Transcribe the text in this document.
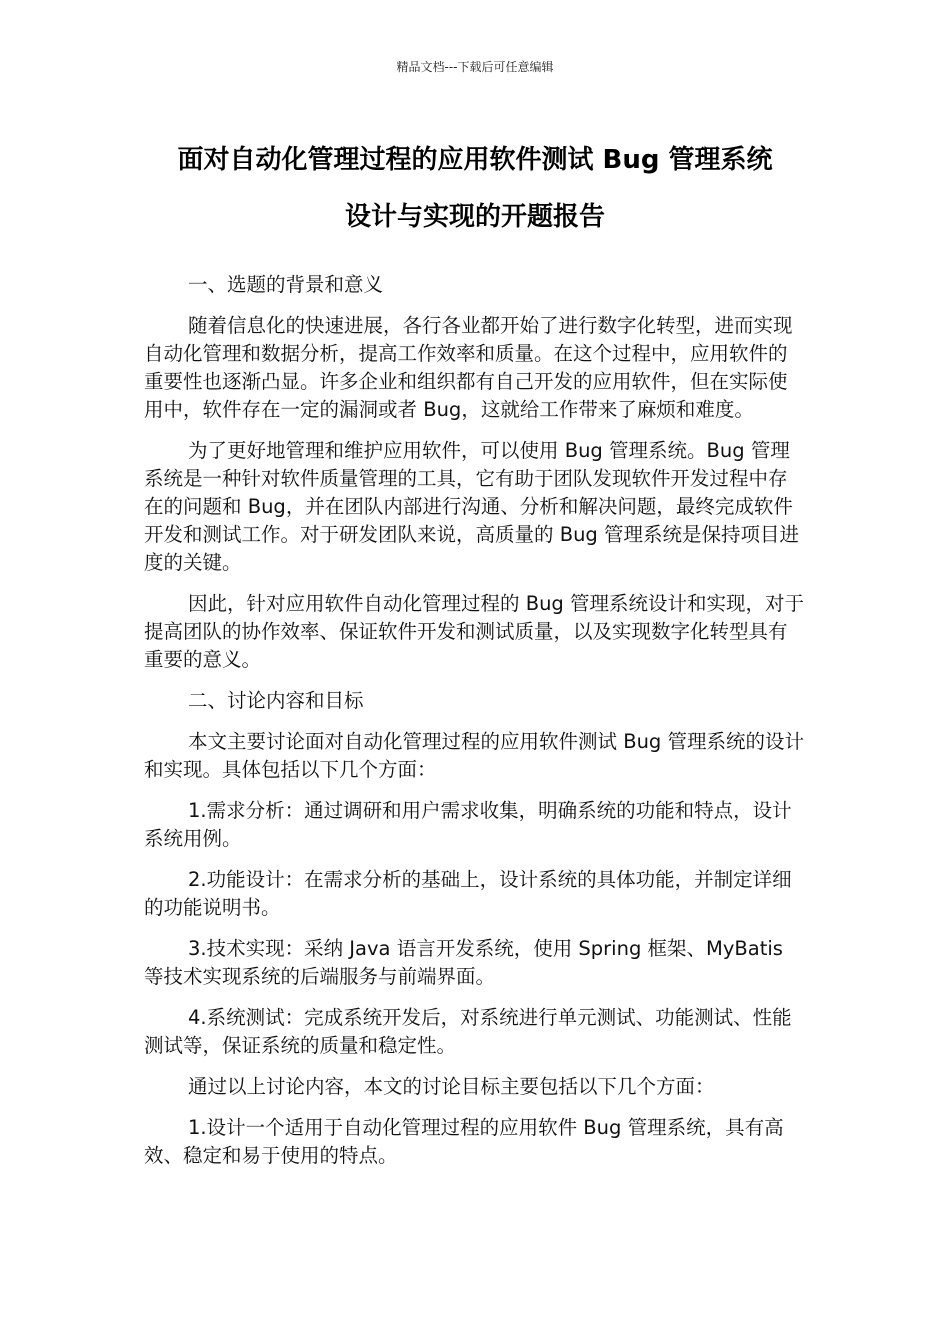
精品文档---下载后可任意编辑
面对自动化管理过程的应用软件测试 Bug 管理系统
设计与实现的开题报告

一、选题的背景和意义

随着信息化的快速进展，各行各业都开始了进行数字化转型，进而实现自动化管理和数据分析，提高工作效率和质量。在这个过程中，应用软件的重要性也逐渐凸显。许多企业和组织都有自己开发的应用软件，但在实际使用中，软件存在一定的漏洞或者 Bug，这就给工作带来了麻烦和难度。

为了更好地管理和维护应用软件，可以使用 Bug 管理系统。Bug 管理系统是一种针对软件质量管理的工具，它有助于团队发现软件开发过程中存在的问题和 Bug，并在团队内部进行沟通、分析和解决问题，最终完成软件开发和测试工作。对于研发团队来说，高质量的 Bug 管理系统是保持项目进度的关键。

因此，针对应用软件自动化管理过程的 Bug 管理系统设计和实现，对于提高团队的协作效率、保证软件开发和测试质量，以及实现数字化转型具有重要的意义。

二、讨论内容和目标

本文主要讨论面对自动化管理过程的应用软件测试 Bug 管理系统的设计和实现。具体包括以下几个方面：

1.需求分析：通过调研和用户需求收集，明确系统的功能和特点，设计系统用例。

2.功能设计：在需求分析的基础上，设计系统的具体功能，并制定详细的功能说明书。

3.技术实现：采纳 Java 语言开发系统，使用 Spring 框架、MyBatis 等技术实现系统的后端服务与前端界面。

4.系统测试：完成系统开发后，对系统进行单元测试、功能测试、性能测试等，保证系统的质量和稳定性。

通过以上讨论内容，本文的讨论目标主要包括以下几个方面：

1.设计一个适用于自动化管理过程的应用软件 Bug 管理系统，具有高效、稳定和易于使用的特点。
